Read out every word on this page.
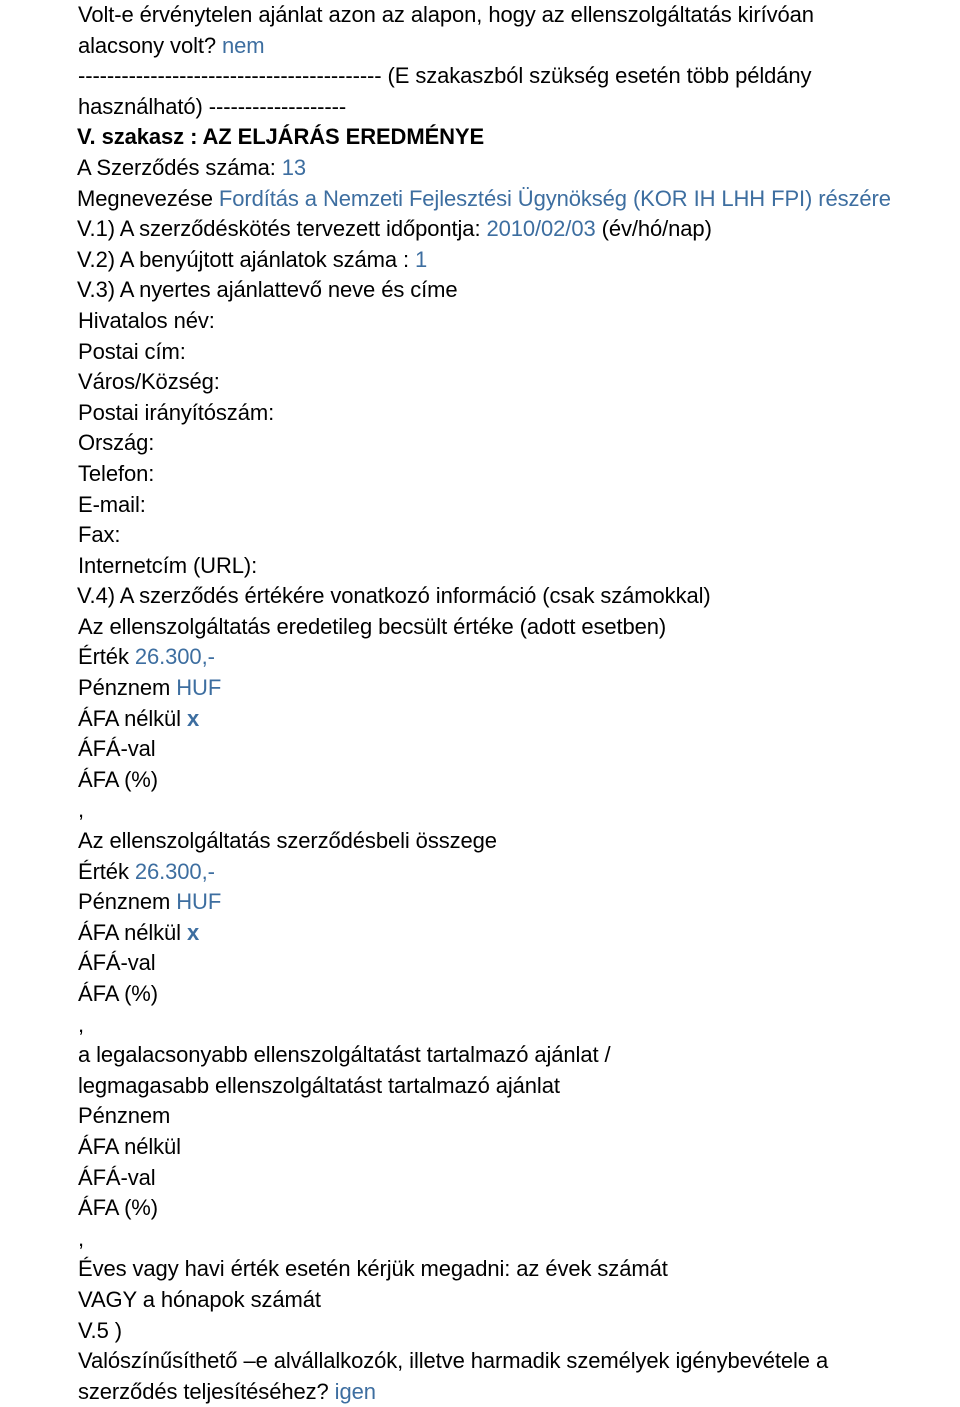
Volt-e érvénytelen ajánlat azon az alapon, hogy az ellenszolgáltatás kirívóan
alacsony volt? nem
------------------------------------------ (E szakaszból szükség esetén több példány
használható) -------------------
V. szakasz : AZ ELJÁRÁS EREDMÉNYE
A Szerződés száma: 13
Megnevezése Fordítás a Nemzeti Fejlesztési Ügynökség (KOR IH LHH FPI) részére
V.1) A szerződéskötés tervezett időpontja: 2010/02/03 (év/hó/nap)
V.2) A benyújtott ajánlatok száma : 1
V.3) A nyertes ajánlattevő neve és címe
Hivatalos név:
Postai cím:
Város/Község:
Postai irányítószám:
Ország:
Telefon:
E-mail:
Fax:
Internetcím (URL):
V.4) A szerződés értékére vonatkozó információ (csak számokkal)
Az ellenszolgáltatás eredetileg becsült értéke (adott esetben)
Érték 26.300,-
Pénznem HUF
ÁFA nélkül x
ÁFÁ-val
ÁFA (%)
,
Az ellenszolgáltatás szerződésbeli összege
Érték 26.300,-
Pénznem HUF
ÁFA nélkül x
ÁFÁ-val
ÁFA (%)
,
a legalacsonyabb ellenszolgáltatást tartalmazó ajánlat /
legmagasabb ellenszolgáltatást tartalmazó ajánlat
Pénznem
ÁFA nélkül
ÁFÁ-val
ÁFA (%)
,
Éves vagy havi érték esetén kérjük megadni: az évek számát
VAGY a hónapok számát
V.5 )
Valószínűsíthető –e alvállalkozók, illetve harmadik személyek igénybevétele a
szerződés teljesítéséhez? igen
